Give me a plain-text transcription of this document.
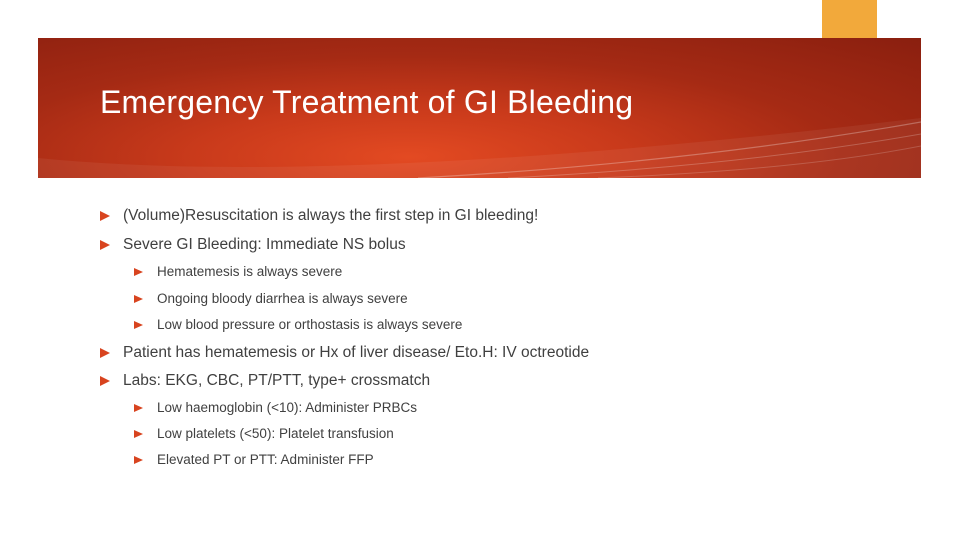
Emergency Treatment of GI Bleeding
(Volume)Resuscitation is always the first step in GI bleeding!
Severe GI Bleeding: Immediate NS bolus
Hematemesis is always severe
Ongoing bloody diarrhea is always severe
Low blood pressure or orthostasis is always severe
Patient has hematemesis or Hx of liver disease/ Eto.H: IV octreotide
Labs: EKG, CBC, PT/PTT, type+ crossmatch
Low haemoglobin (<10): Administer PRBCs
Low platelets (<50): Platelet transfusion
Elevated PT or PTT: Administer FFP
